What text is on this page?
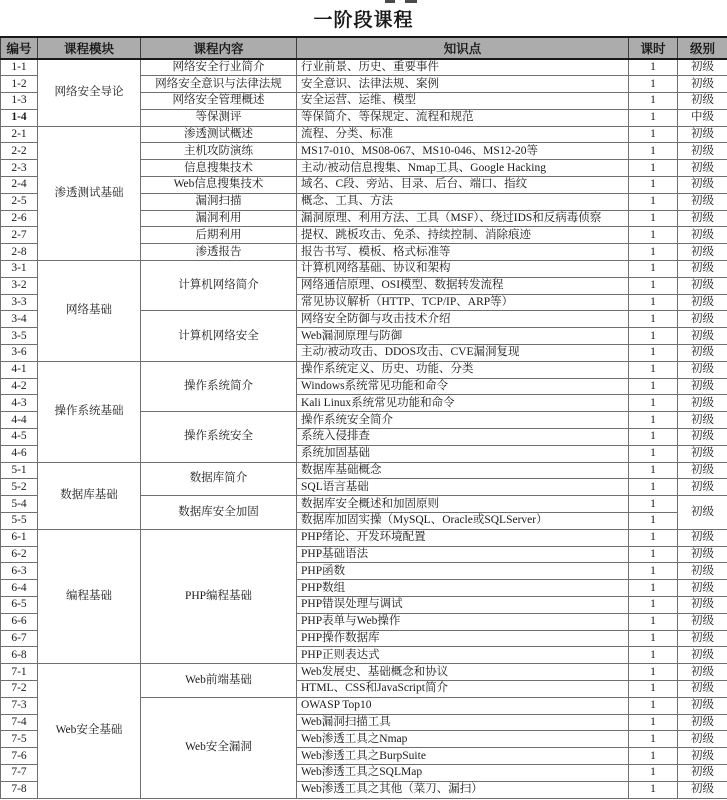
一阶段课程
编号	课程模块	课程内容	知识点	课时	级别
1-1	网络安全导论	网络安全行业简介	行业前景、历史、重要事件	1	初级
1-2		网络安全意识与法律法规	安全意识、法律法规、案例	1	初级
1-3		网络安全管理概述	安全运营、运维、模型	1	初级
1-4		等保测评	等保简介、等保规定、流程和规范	1	中级
2-1	渗透测试基础	渗透测试概述	流程、分类、标准	1	初级
2-2		主机攻防演练	MS17-010、MS08-067、MS10-046、MS12-20等	1	初级
2-3		信息搜集技术	主动/被动信息搜集、Nmap工具、Google Hacking	1	初级
2-4		Web信息搜集技术	域名、C段、旁站、目录、后台、端口、指纹	1	初级
2-5		漏洞扫描	概念、工具、方法	1	初级
2-6		漏洞利用	漏洞原理、利用方法、工具（MSF）、绕过IDS和反病毒侦察	1	初级
2-7		后期利用	提权、跳板攻击、免杀、持续控制、消除痕迹	1	初级
2-8		渗透报告	报告书写、模板、格式标准等	1	初级
3-1	网络基础	计算机网络简介	计算机网络基础、协议和架构	1	初级
3-2			网络通信原理、OSI模型、数据转发流程	1	初级
3-3			常见协议解析（HTTP、TCP/IP、ARP等）	1	初级
3-4		计算机网络安全	网络安全防御与攻击技术介绍	1	初级
3-5			Web漏洞原理与防御	1	初级
3-6			主动/被动攻击、DDOS攻击、CVE漏洞复现	1	初级
4-1	操作系统基础	操作系统简介	操作系统定义、历史、功能、分类	1	初级
4-2			Windows系统常见功能和命令	1	初级
4-3			Kali Linux系统常见功能和命令	1	初级
4-4		操作系统安全	操作系统安全简介	1	初级
4-5			系统入侵排查	1	初级
4-6			系统加固基础	1	初级
5-1	数据库基础	数据库简介	数据库基础概念	1	初级
5-2			SQL语言基础	1	初级
5-4		数据库安全加固	数据库安全概述和加固原则	1	初级
5-5			数据库加固实操（MySQL、Oracle或SQLServer）	1	
6-1	编程基础	PHP编程基础	PHP绪论、开发环境配置	1	初级
6-2			PHP基础语法	1	初级
6-3			PHP函数	1	初级
6-4			PHP数组	1	初级
6-5			PHP错误处理与调试	1	初级
6-6			PHP表单与Web操作	1	初级
6-7			PHP操作数据库	1	初级
6-8			PHP正则表达式	1	初级
7-1	Web安全基础	Web前端基础	Web发展史、基础概念和协议	1	初级
7-2			HTML、CSS和JavaScript简介	1	初级
7-3		Web安全漏洞	OWASP Top10	1	初级
7-4			Web漏洞扫描工具	1	初级
7-5			Web渗透工具之Nmap	1	初级
7-6			Web渗透工具之BurpSuite	1	初级
7-7			Web渗透工具之SQLMap	1	初级
7-8			Web渗透工具之其他（菜刀、漏扫）	1	初级
